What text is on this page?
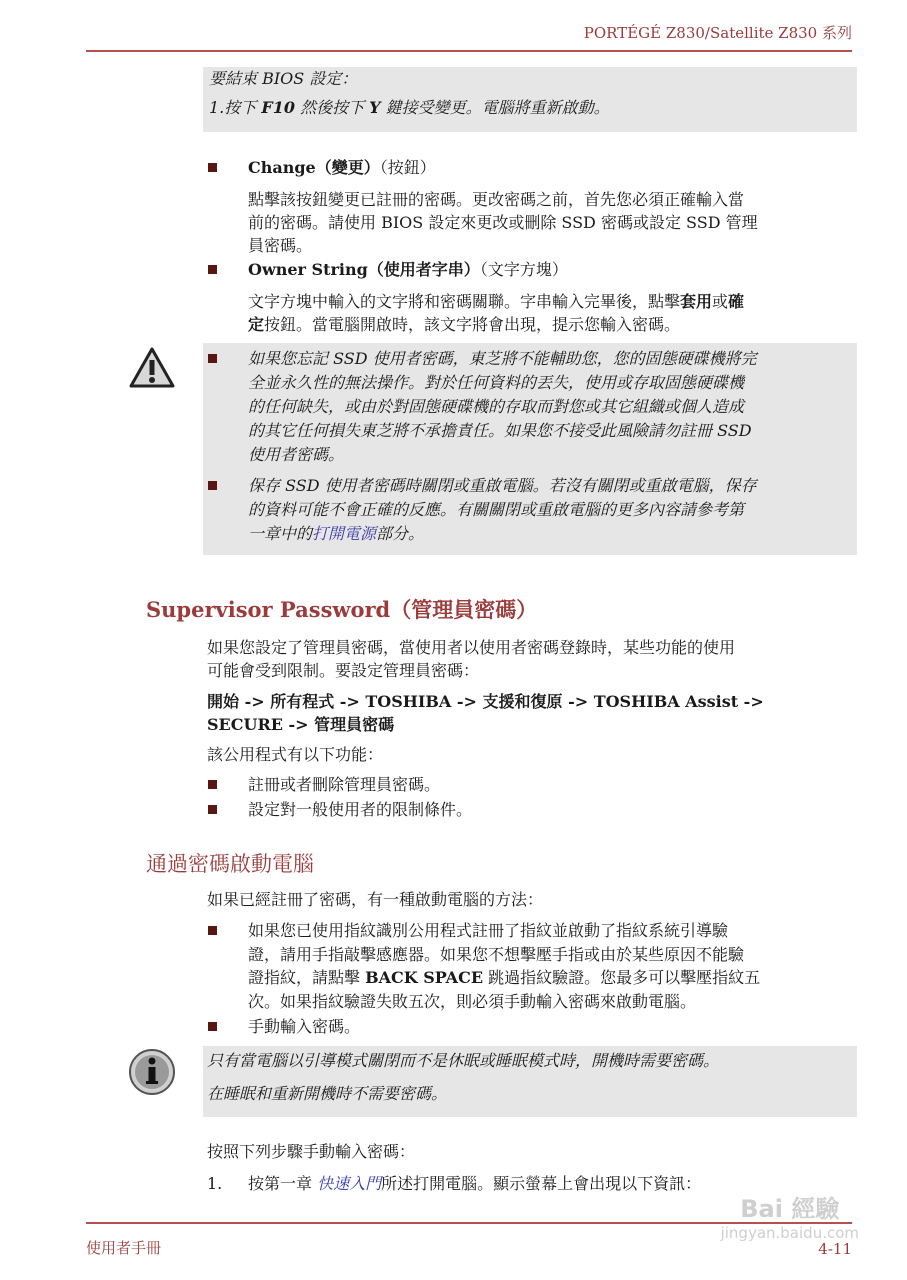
PORTÉGÉ Z830/Satellite Z830 系列
要結束 BIOS 設定：
1.按下 F10 然後按下 Y 鍵接受變更。電腦將重新啟動。
Change（變更）（按鈕）
點擊該按鈕變更已註冊的密碼。更改密碼之前，首先您必須正確輸入當
前的密碼。請使用 BIOS 設定來更改或刪除 SSD 密碼或設定 SSD 管理
員密碼。
Owner String（使用者字串）（文字方塊）
文字方塊中輸入的文字將和密碼關聯。字串輸入完畢後，點擊套用或確
定按鈕。當電腦開啟時，該文字將會出現，提示您輸入密碼。
如果您忘記 SSD 使用者密碼，東芝將不能輔助您，您的固態硬碟機將完
全並永久性的無法操作。對於任何資料的丟失，使用或存取固態硬碟機
的任何缺失，或由於對固態硬碟機的存取而對您或其它組織或個人造成
的其它任何損失東芝將不承擔責任。如果您不接受此風險請勿註冊 SSD
使用者密碼。
保存 SSD 使用者密碼時關閉或重啟電腦。若沒有關閉或重啟電腦，保存
的資料可能不會正確的反應。有關關閉或重啟電腦的更多內容請參考第
一章中的打開電源部分。
Supervisor Password（管理員密碼）
如果您設定了管理員密碼，當使用者以使用者密碼登錄時，某些功能的使用
可能會受到限制。要設定管理員密碼：
開始 -> 所有程式 -> TOSHIBA -> 支援和復原 -> TOSHIBA Assist ->
SECURE -> 管理員密碼
該公用程式有以下功能：
註冊或者刪除管理員密碼。
設定對一般使用者的限制條件。
通過密碼啟動電腦
如果已經註冊了密碼，有一種啟動電腦的方法：
如果您已使用指紋識別公用程式註冊了指紋並啟動了指紋系統引導驗
證，請用手指敲擊感應器。如果您不想擊壓手指或由於某些原因不能驗
證指紋，請點擊 BACK SPACE 跳過指紋驗證。您最多可以擊壓指紋五
次。如果指紋驗證失敗五次，則必須手動輸入密碼來啟動電腦。
手動輸入密碼。
只有當電腦以引導模式關閉而不是休眠或睡眠模式時，開機時需要密碼。
在睡眠和重新開機時不需要密碼。
按照下列步驟手動輸入密碼：
1. 按第一章 快速入門所述打開電腦。顯示螢幕上會出現以下資訊：
使用者手冊	4-11
Bai 經驗
jingyan.baidu.com
